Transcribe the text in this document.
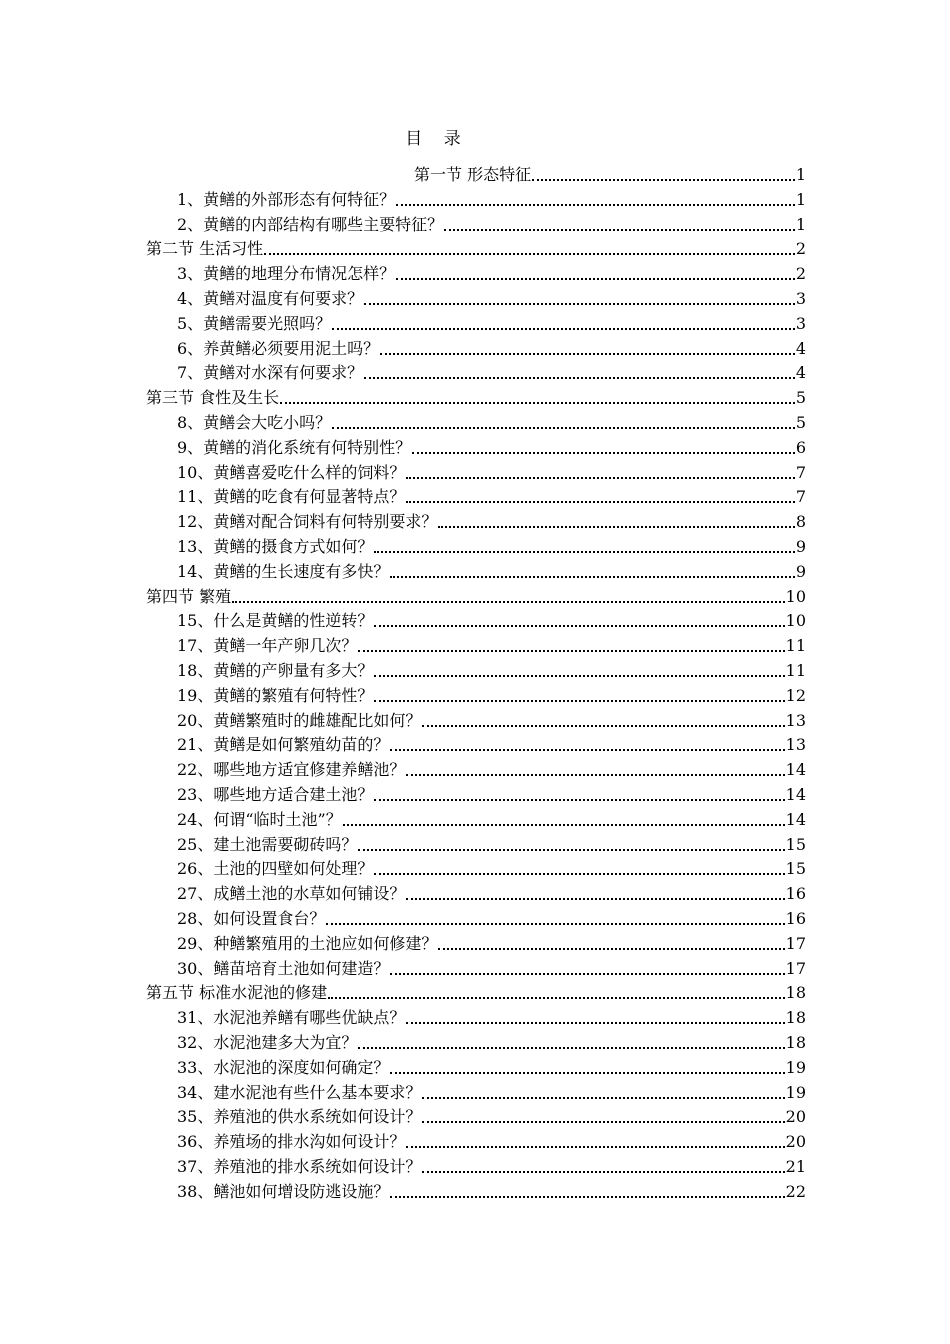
目 录
第一节 形态特征	1
1、黄鳝的外部形态有何特征？	1
2、黄鳝的内部结构有哪些主要特征？	1
第二节 生活习性	2
3、黄鳝的地理分布情况怎样？	2
4、黄鳝对温度有何要求？	3
5、黄鳝需要光照吗？	3
6、养黄鳝必须要用泥土吗？	4
7、黄鳝对水深有何要求？	4
第三节 食性及生长	5
8、黄鳝会大吃小吗？	5
9、黄鳝的消化系统有何特别性？	6
10、黄鳝喜爱吃什么样的饲料？	7
11、黄鳝的吃食有何显著特点？	7
12、黄鳝对配合饲料有何特别要求？	8
13、黄鳝的摄食方式如何？	9
14、黄鳝的生长速度有多快？	9
第四节 繁殖	10
15、什么是黄鳝的性逆转？	10
17、黄鳝一年产卵几次？	11
18、黄鳝的产卵量有多大？	11
19、黄鳝的繁殖有何特性？	12
20、黄鳝繁殖时的雌雄配比如何？	13
21、黄鳝是如何繁殖幼苗的？	13
22、哪些地方适宜修建养鳝池？	14
23、哪些地方适合建土池？	14
24、何谓“临时土池”？	14
25、建土池需要砌砖吗？	15
26、土池的四壁如何处理？	15
27、成鳝土池的水草如何铺设？	16
28、如何设置食台？	16
29、种鳝繁殖用的土池应如何修建？	17
30、鳝苗培育土池如何建造？	17
第五节 标准水泥池的修建	18
31、水泥池养鳝有哪些优缺点？	18
32、水泥池建多大为宜？	18
33、水泥池的深度如何确定？	19
34、建水泥池有些什么基本要求？	19
35、养殖池的供水系统如何设计？	20
36、养殖场的排水沟如何设计？	20
37、养殖池的排水系统如何设计？	21
38、鳝池如何增设防逃设施？	22
